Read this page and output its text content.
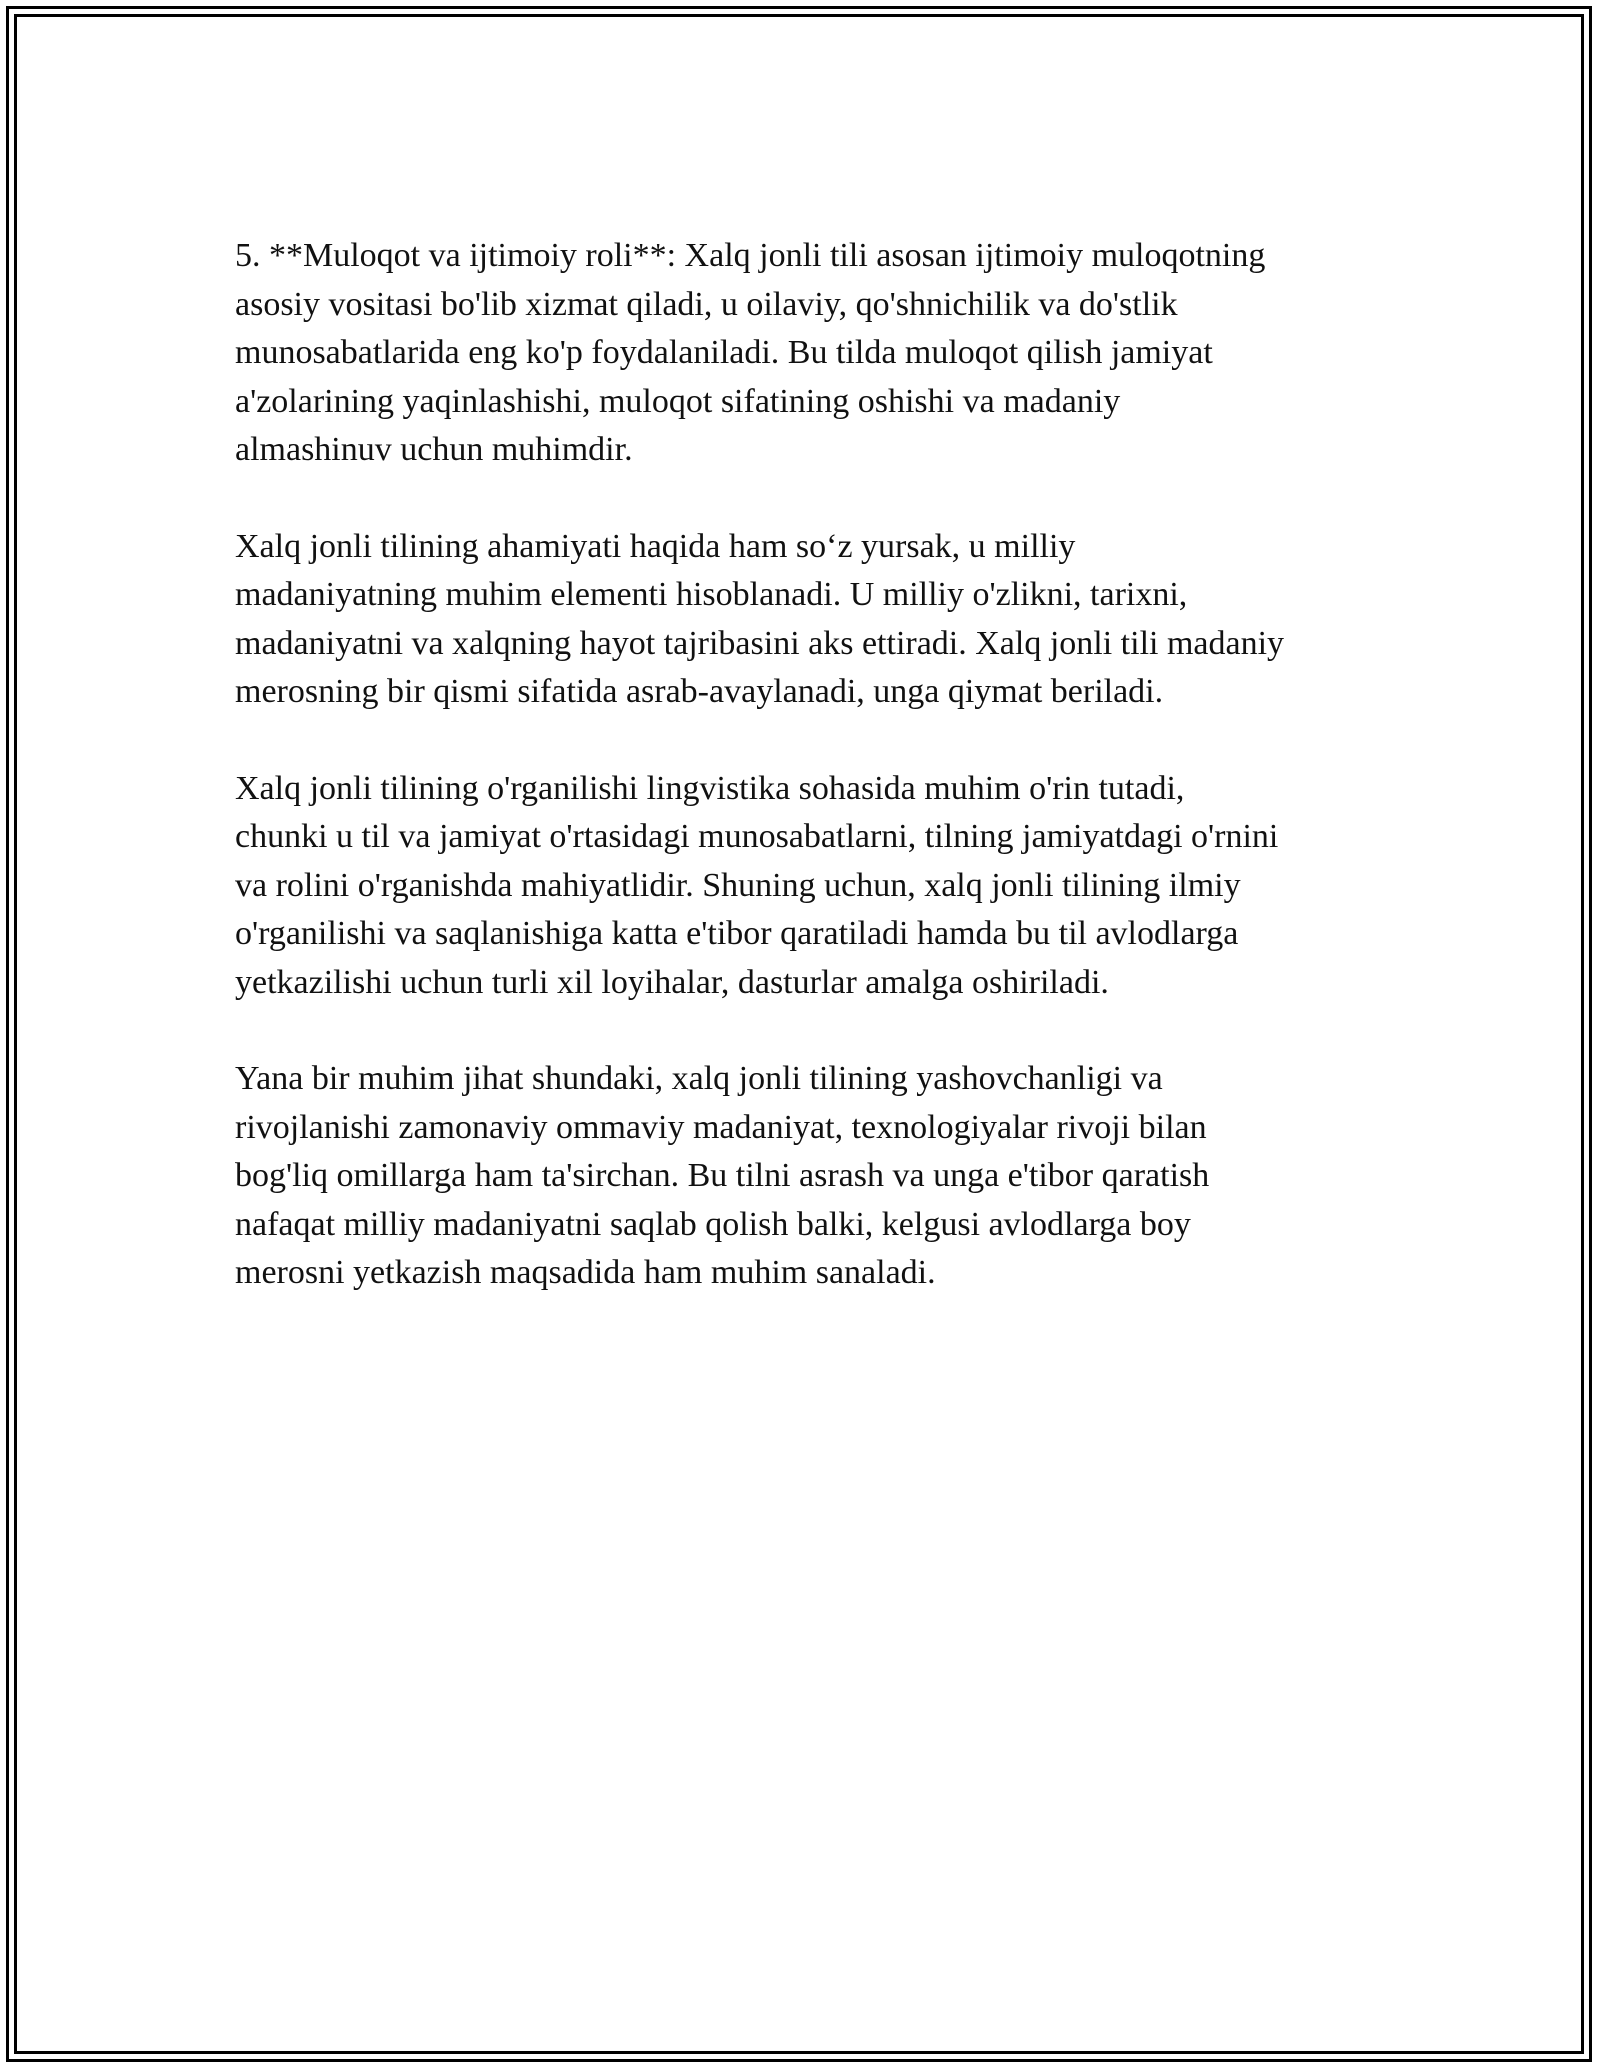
5. **Muloqot va ijtimoiy roli**: Xalq jonli tili asosan ijtimoiy muloqotning
asosiy vositasi bo'lib xizmat qiladi, u oilaviy, qo'shnichilik va do'stlik
munosabatlarida eng ko'p foydalaniladi. Bu tilda muloqot qilish jamiyat
a'zolarining yaqinlashishi, muloqot sifatining oshishi va madaniy
almashinuv uchun muhimdir.

Xalq jonli tilining ahamiyati haqida ham so‘z yursak, u milliy
madaniyatning muhim elementi hisoblanadi. U milliy o'zlikni, tarixni,
madaniyatni va xalqning hayot tajribasini aks ettiradi. Xalq jonli tili madaniy
merosning bir qismi sifatida asrab-avaylanadi, unga qiymat beriladi.

Xalq jonli tilining o'rganilishi lingvistika sohasida muhim o'rin tutadi,
chunki u til va jamiyat o'rtasidagi munosabatlarni, tilning jamiyatdagi o'rnini
va rolini o'rganishda mahiyatlidir. Shuning uchun, xalq jonli tilining ilmiy
o'rganilishi va saqlanishiga katta e'tibor qaratiladi hamda bu til avlodlarga
yetkazilishi uchun turli xil loyihalar, dasturlar amalga oshiriladi.

Yana bir muhim jihat shundaki, xalq jonli tilining yashovchanligi va
rivojlanishi zamonaviy ommaviy madaniyat, texnologiyalar rivoji bilan
bog'liq omillarga ham ta'sirchan. Bu tilni asrash va unga e'tibor qaratish
nafaqat milliy madaniyatni saqlab qolish balki, kelgusi avlodlarga boy
merosni yetkazish maqsadida ham muhim sanaladi.
